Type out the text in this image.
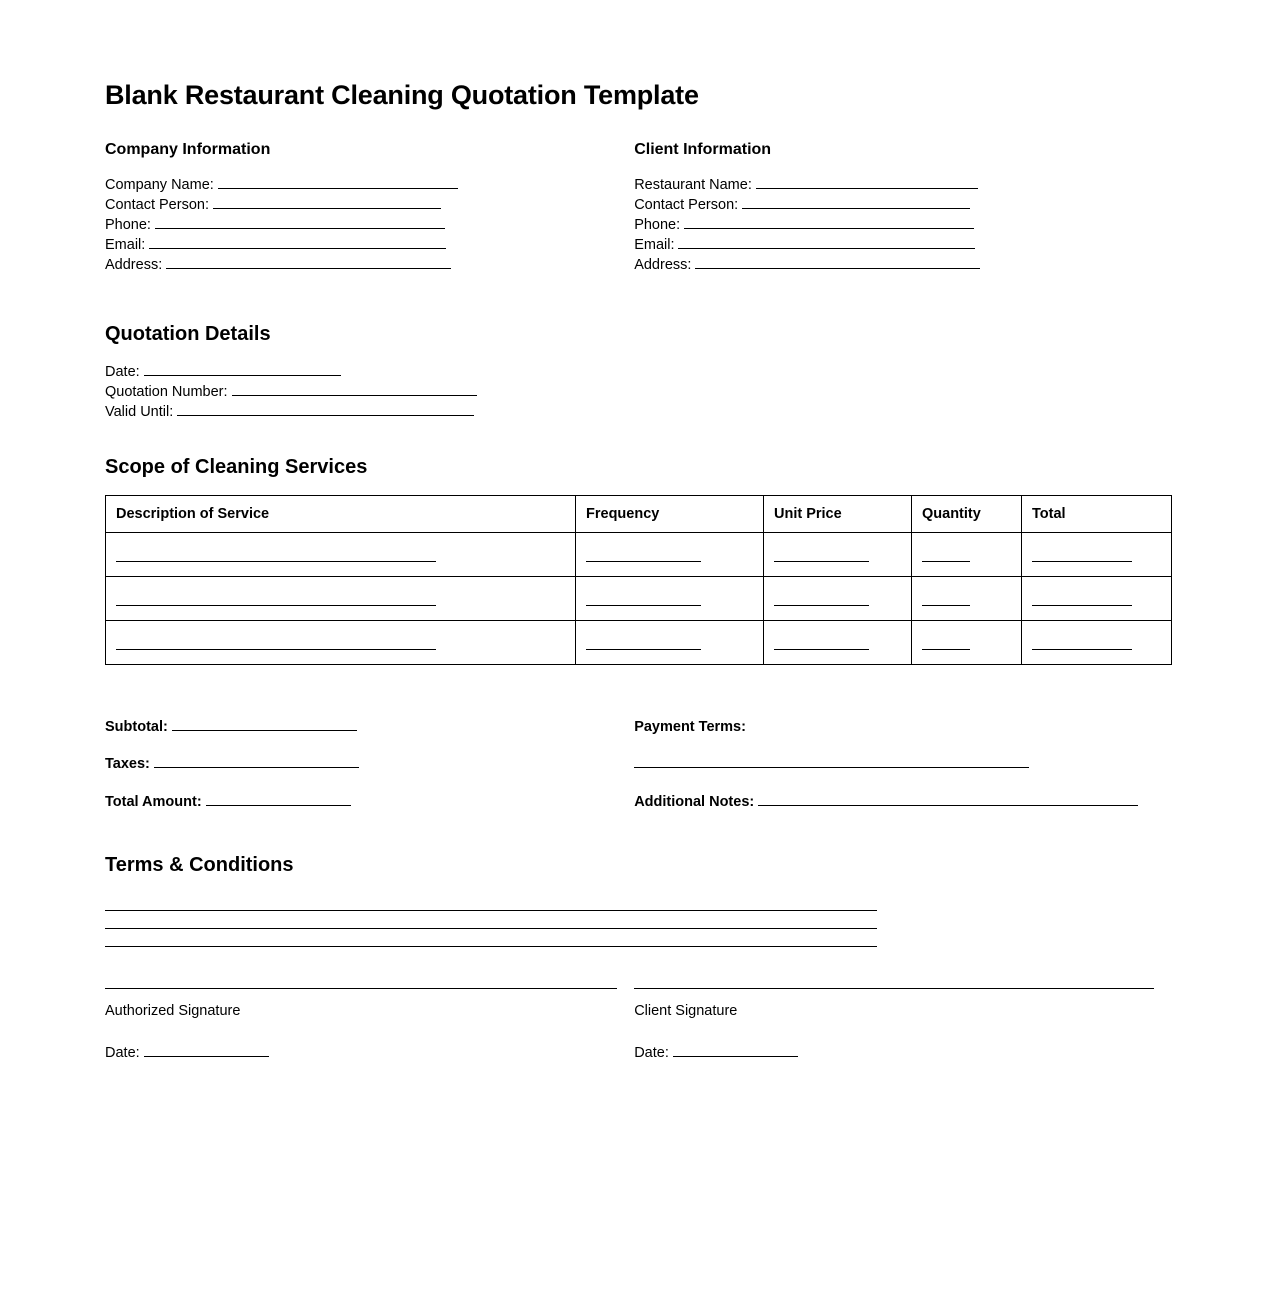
Blank Restaurant Cleaning Quotation Template
Company Information

Company Name:

Contact Person:

Phone:

Email:

Address:

Client Information

Restaurant Name:

Contact Person:

Phone:

Email:

Address:

Quotation Details

Date:

Quotation Number:

Valid Until:

Scope of Cleaning Services
Description of Service	Frequency	Unit Price	Quantity	Total

Subtotal:

Taxes:

Total Amount:

Payment Terms:

Additional Notes:

Terms & Conditions
Authorized Signature
Date:
Client Signature
Date:
